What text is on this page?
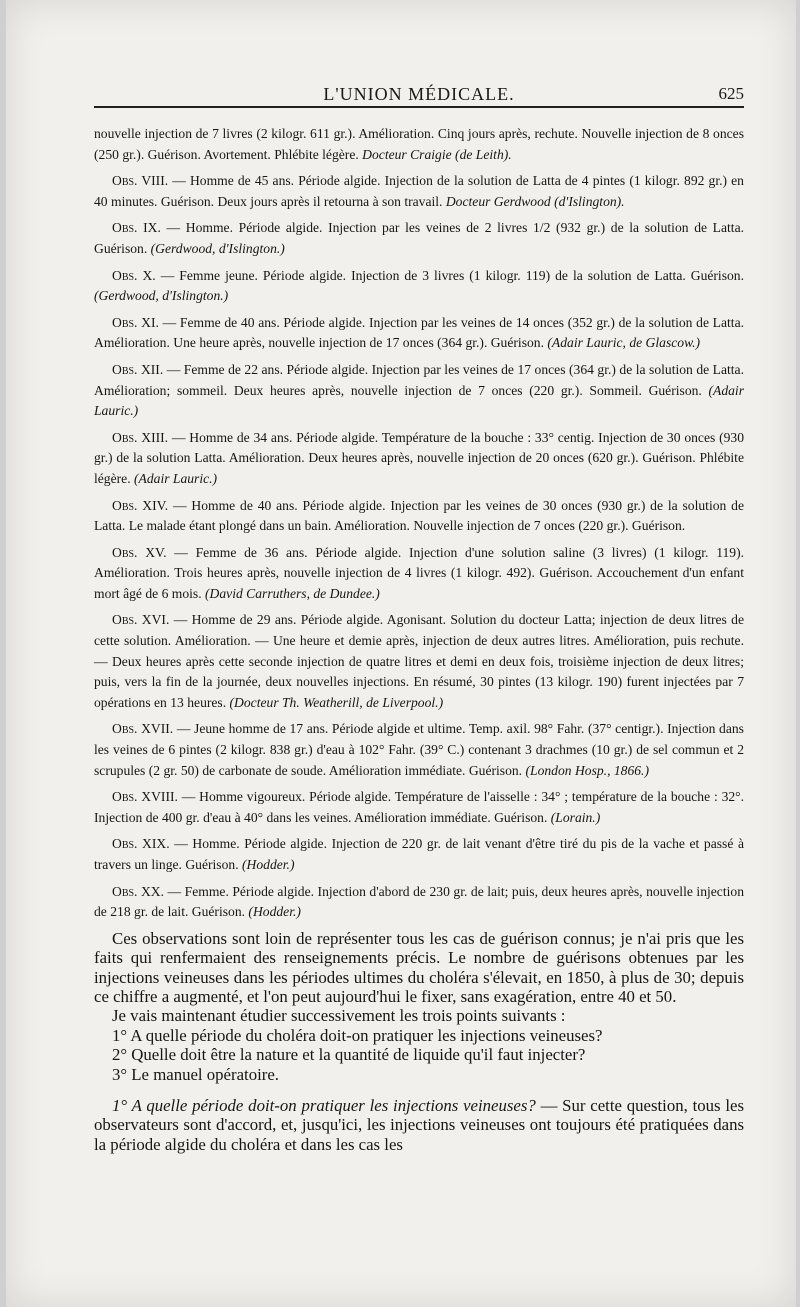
L'UNION MÉDICALE.	625

nouvelle injection de 7 livres (2 kilogr. 611 gr.). Amélioration. Cinq jours après, rechute. Nouvelle injection de 8 onces (250 gr.). Guérison. Avortement. Phlébite légère. Docteur Craigie (de Leith).

Obs. VIII. — Homme de 45 ans. Période algide. Injection de la solution de Latta de 4 pintes (1 kilogr. 892 gr.) en 40 minutes. Guérison. Deux jours après il retourna à son travail. Docteur Gerdwood (d'Islington).

Obs. IX. — Homme. Période algide. Injection par les veines de 2 livres 1/2 (932 gr.) de la solution de Latta. Guérison. (Gerdwood, d'Islington.)

Obs. X. — Femme jeune. Période algide. Injection de 3 livres (1 kilogr. 119) de la solution de Latta. Guérison. (Gerdwood, d'Islington.)

Obs. XI. — Femme de 40 ans. Période algide. Injection par les veines de 14 onces (352 gr.) de la solution de Latta. Amélioration. Une heure après, nouvelle injection de 17 onces (364 gr.). Guérison. (Adair Lauric, de Glascow.)

Obs. XII. — Femme de 22 ans. Période algide. Injection par les veines de 17 onces (364 gr.) de la solution de Latta. Amélioration; sommeil. Deux heures après, nouvelle injection de 7 onces (220 gr.). Sommeil. Guérison. (Adair Lauric.)

Obs. XIII. — Homme de 34 ans. Période algide. Température de la bouche : 33° centig. Injection de 30 onces (930 gr.) de la solution Latta. Amélioration. Deux heures après, nouvelle injection de 20 onces (620 gr.). Guérison. Phlébite légère. (Adair Lauric.)

Obs. XIV. — Homme de 40 ans. Période algide. Injection par les veines de 30 onces (930 gr.) de la solution de Latta. Le malade étant plongé dans un bain. Amélioration. Nouvelle injection de 7 onces (220 gr.). Guérison.

Obs. XV. — Femme de 36 ans. Période algide. Injection d'une solution saline (3 livres) (1 kilogr. 119). Amélioration. Trois heures après, nouvelle injection de 4 livres (1 kilogr. 492). Guérison. Accouchement d'un enfant mort âgé de 6 mois. (David Carruthers, de Dundee.)

Obs. XVI. — Homme de 29 ans. Période algide. Agonisant. Solution du docteur Latta; injection de deux litres de cette solution. Amélioration. — Une heure et demie après, injection de deux autres litres. Amélioration, puis rechute. — Deux heures après cette seconde injection de quatre litres et demi en deux fois, troisième injection de deux litres; puis, vers la fin de la journée, deux nouvelles injections. En résumé, 30 pintes (13 kilogr. 190) furent injectées par 7 opérations en 13 heures. (Docteur Th. Weatherill, de Liverpool.)

Obs. XVII. — Jeune homme de 17 ans. Période algide et ultime. Temp. axil. 98° Fahr. (37° centigr.). Injection dans les veines de 6 pintes (2 kilogr. 838 gr.) d'eau à 102° Fahr. (39° C.) contenant 3 drachmes (10 gr.) de sel commun et 2 scrupules (2 gr. 50) de carbonate de soude. Amélioration immédiate. Guérison. (London Hosp., 1866.)

Obs. XVIII. — Homme vigoureux. Période algide. Température de l'aisselle : 34° ; température de la bouche : 32°. Injection de 400 gr. d'eau à 40° dans les veines. Amélioration immédiate. Guérison. (Lorain.)

Obs. XIX. — Homme. Période algide. Injection de 220 gr. de lait venant d'être tiré du pis de la vache et passé à travers un linge. Guérison. (Hodder.)

Obs. XX. — Femme. Période algide. Injection d'abord de 230 gr. de lait; puis, deux heures après, nouvelle injection de 218 gr. de lait. Guérison. (Hodder.)

Ces observations sont loin de représenter tous les cas de guérison connus; je n'ai pris que les faits qui renfermaient des renseignements précis. Le nombre de guérisons obtenues par les injections veineuses dans les périodes ultimes du choléra s'élevait, en 1850, à plus de 30; depuis ce chiffre a augmenté, et l'on peut aujourd'hui le fixer, sans exagération, entre 40 et 50.

Je vais maintenant étudier successivement les trois points suivants :

1° A quelle période du choléra doit-on pratiquer les injections veineuses?

2° Quelle doit être la nature et la quantité de liquide qu'il faut injecter?

3° Le manuel opératoire.

1° A quelle période doit-on pratiquer les injections veineuses? — Sur cette question, tous les observateurs sont d'accord, et, jusqu'ici, les injections veineuses ont toujours été pratiquées dans la période algide du choléra et dans les cas les
